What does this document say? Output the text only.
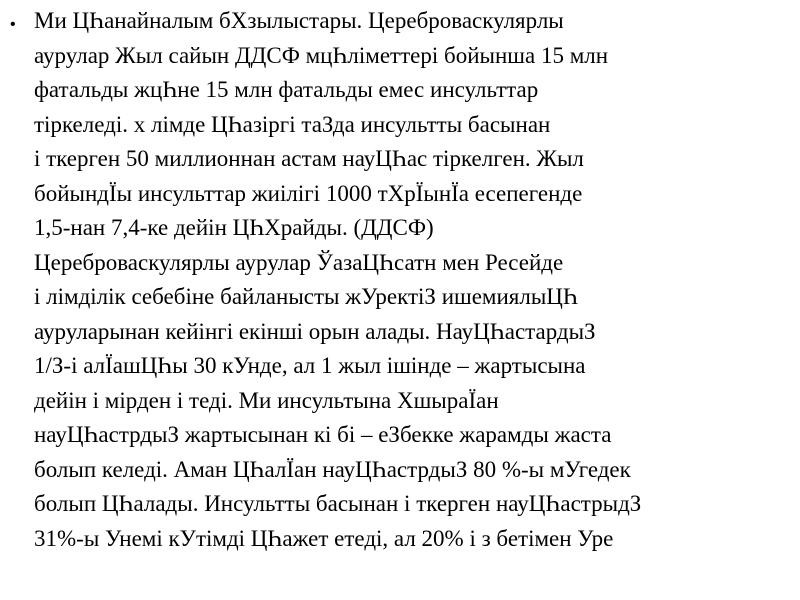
• Ми ЦҺанайналым бХзылыстары. Цереброваскулярлы
аурулар Жыл сайын ДДСФ мцҺліметтері бойынша 15 млн
фатальды жцҺне 15 млн фатальды емес инсульттар
тіркеледі. х лімде ЦҺазіргі таЗда инсультты басынан
і ткерген 50 миллионнан астам науЦҺас тіркелген. Жыл
бойындЇы инсульттар жиілігі 1000 тХрЇынЇа есепегенде
1,5-нан 7,4-ке дейін ЦҺХрайды. (ДДСФ)
Цереброваскулярлы аурулар ЎазаЦҺсатн мен Ресейде
і лімділік себебіне байланысты жУректіЗ ишемиялыЦҺ
ауруларынан кейінгі екінші орын алады. НауЦҺастардыЗ
1/З-і алЇашЦҺы 30 кУнде, ал 1 жыл ішінде – жартысына
дейін і мірден і теді. Ми инсультына ХшыраЇан
науЦҺастрдыЗ жартысынан кі бі – еЗбекке жарамды жаста
болып келеді. Аман ЦҺалЇан науЦҺастрдыЗ 80 %-ы мУгедек
болып ЦҺалады. Инсультты басынан і ткерген науЦҺастрыдЗ
31%-ы Унемі кУтімді ЦҺажет етеді, ал 20% і з бетімен Уре
